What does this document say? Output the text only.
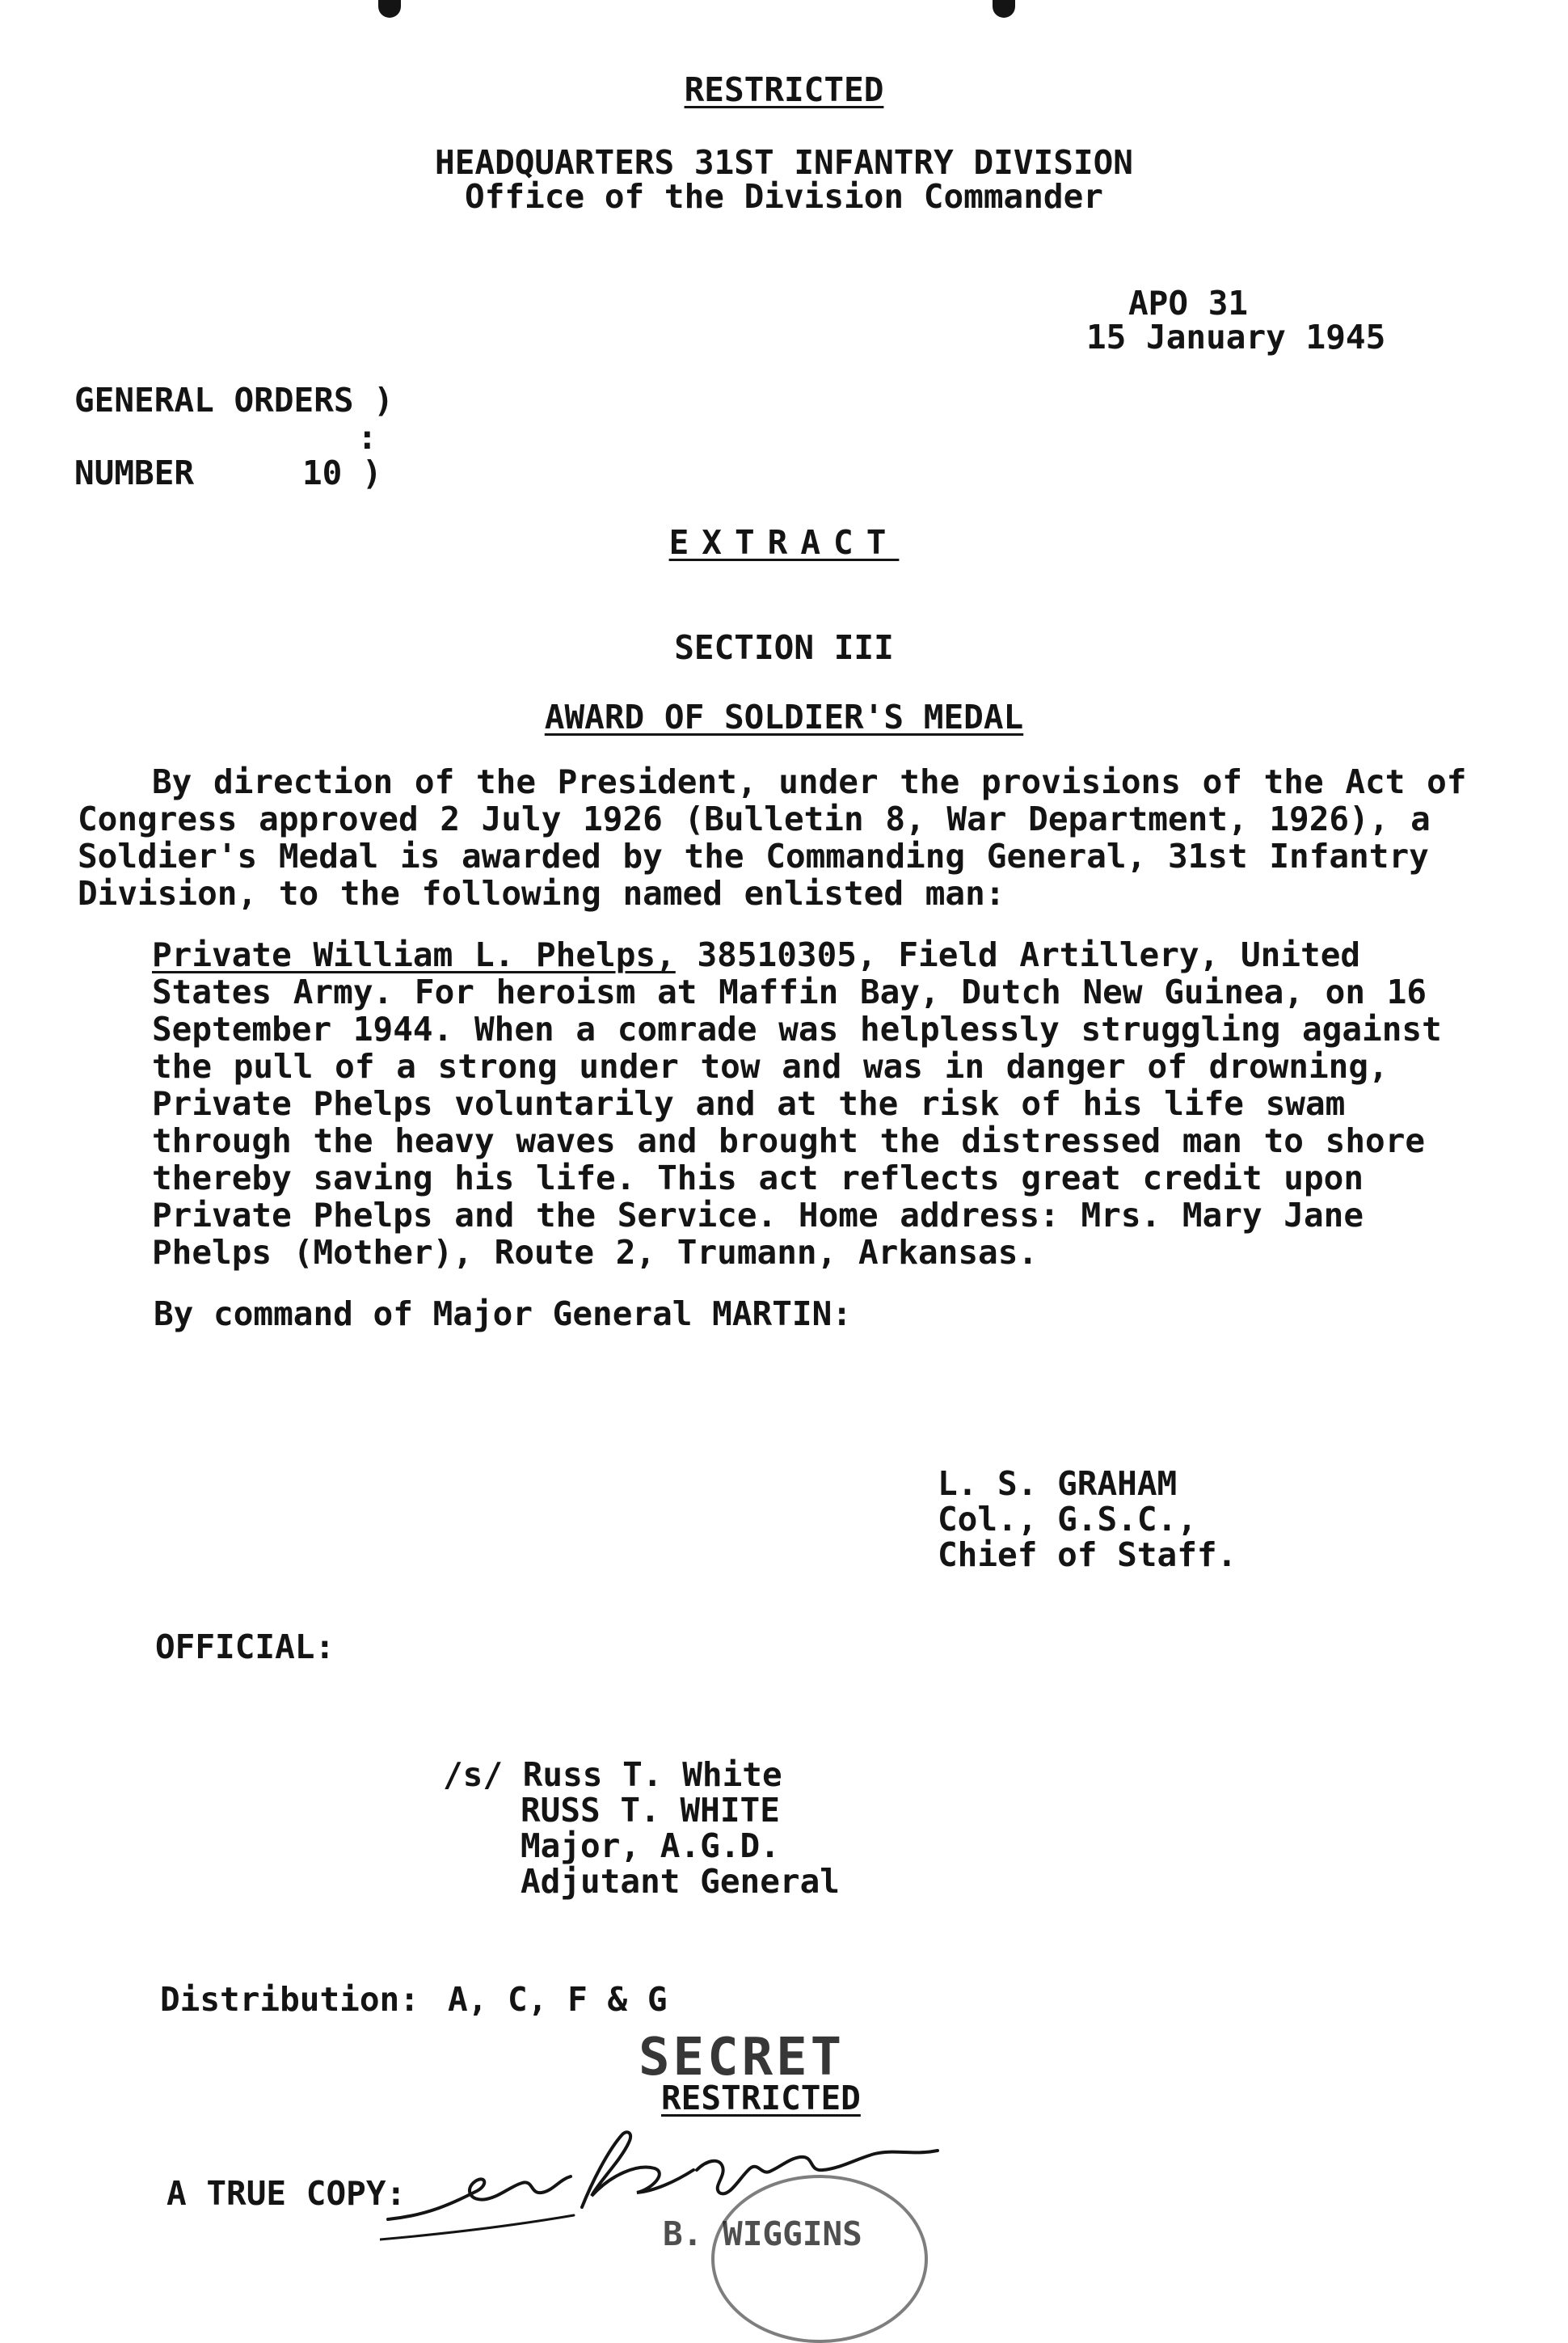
RESTRICTED
HEADQUARTERS 31ST INFANTRY DIVISION
Office of the Division Commander
APO 31
15 January 1945
GENERAL ORDERS )
:
NUMBER	10 )
EXTRACT
SECTION III
AWARD OF SOLDIER'S MEDAL
By direction of the President, under the provisions of the Act of Congress approved 2 July 1926 (Bulletin 8, War Department, 1926), a Soldier's Medal is awarded by the Commanding General, 31st Infantry Division, to the following named enlisted man:
Private William L. Phelps, 38510305, Field Artillery, United States Army. For heroism at Maffin Bay, Dutch New Guinea, on 16 September 1944. When a comrade was helplessly struggling against the pull of a strong under tow and was in danger of drowning, Private Phelps voluntarily and at the risk of his life swam through the heavy waves and brought the distressed man to shore thereby saving his life. This act reflects great credit upon Private Phelps and the Service. Home address: Mrs. Mary Jane Phelps (Mother), Route 2, Trumann, Arkansas.
By command of Major General MARTIN:
L. S. GRAHAM
Col., G.S.C.,
Chief of Staff.
OFFICIAL:
/s/ Russ T. White
RUSS T. WHITE
Major, A.G.D.
Adjutant General
Distribution: A, C, F & G
SECRET
RESTRICTED
A TRUE COPY:
B. WIGGINS
